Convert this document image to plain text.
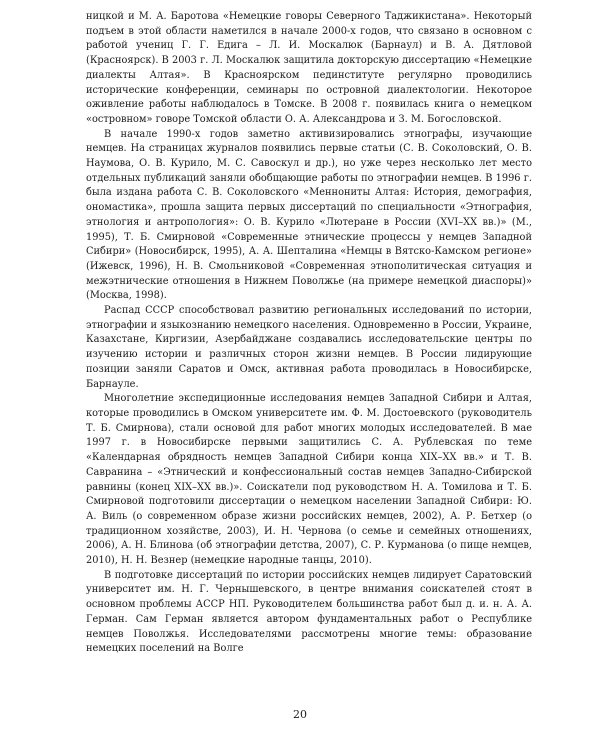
ницкой и М. А. Баротова «Немецкие говоры Северного Таджикистана». Некоторый подъем в этой области наметился в начале 2000-х годов, что связано в основном с работой учениц Г. Г. Едига – Л. И. Москалюк (Барнаул) и В. А. Дятловой (Красноярск). В 2003 г. Л. Москалюк защитила докторскую диссертацию «Немецкие диалекты Алтая». В Красноярском пединституте регулярно проводились исторические конференции, семинары по островной диалектологии. Некоторое оживление работы наблюдалось в Томске. В 2008 г. появилась книга о немецком «островном» говоре Томской области О. А. Александрова и З. М. Богословской.

В начале 1990-х годов заметно активизировались этнографы, изучающие немцев. На страницах журналов появились первые статьи (С. В. Соколовский, О. В. Наумова, О. В. Курило, М. С. Савоскул и др.), но уже через несколько лет место отдельных публикаций заняли обобщающие работы по этнографии немцев. В 1996 г. была издана работа С. В. Соколовского «Меннониты Алтая: История, демография, ономастика», прошла защита первых диссертаций по специальности «Этнография, этнология и антропология»: О. В. Курило «Лютеране в России (XVI–XX вв.)» (М., 1995), Т. Б. Смирновой «Современные этнические процессы у немцев Западной Сибири» (Новосибирск, 1995), А. А. Шепталина «Немцы в Вятско-Камском регионе» (Ижевск, 1996), Н. В. Смольниковой «Современная этнополитическая ситуация и межэтнические отношения в Нижнем Поволжье (на примере немецкой диаспоры)» (Москва, 1998).

Распад СССР способствовал развитию региональных исследований по истории, этнографии и языкознанию немецкого населения. Одновременно в России, Украине, Казахстане, Киргизии, Азербайджане создавались исследовательские центры по изучению истории и различных сторон жизни немцев. В России лидирующие позиции заняли Саратов и Омск, активная работа проводилась в Новосибирске, Барнауле.

Многолетние экспедиционные исследования немцев Западной Сибири и Алтая, которые проводились в Омском университете им. Ф. М. Достоевского (руководитель Т. Б. Смирнова), стали основой для работ многих молодых исследователей. В мае 1997 г. в Новосибирске первыми защитились С. А. Рублевская по теме «Календарная обрядность немцев Западной Сибири конца XIX–XX вв.» и Т. В. Савранина – «Этнический и конфессиональный состав немцев Западно-Сибирской равнины (конец XIX–XX вв.)». Соискатели под руководством Н. А. Томилова и Т. Б. Смирновой подготовили диссертации о немецком населении Западной Сибири: Ю. А. Виль (о современном образе жизни российских немцев, 2002), А. Р. Бетхер (о традиционном хозяйстве, 2003), И. Н. Чернова (о семье и семейных отношениях, 2006), А. Н. Блинова (об этнографии детства, 2007), С. Р. Курманова (о пище немцев, 2010), Н. Н. Везнер (немецкие народные танцы, 2010).

В подготовке диссертаций по истории российских немцев лидирует Саратовский университет им. Н. Г. Чернышевского, в центре внимания соискателей стоят в основном проблемы АССР НП. Руководителем большинства работ был д. и. н. А. А. Герман. Сам Герман является автором фундаментальных работ о Республике немцев Поволжья. Исследователями рассмотрены многие темы: образование немецких поселений на Волге

20
